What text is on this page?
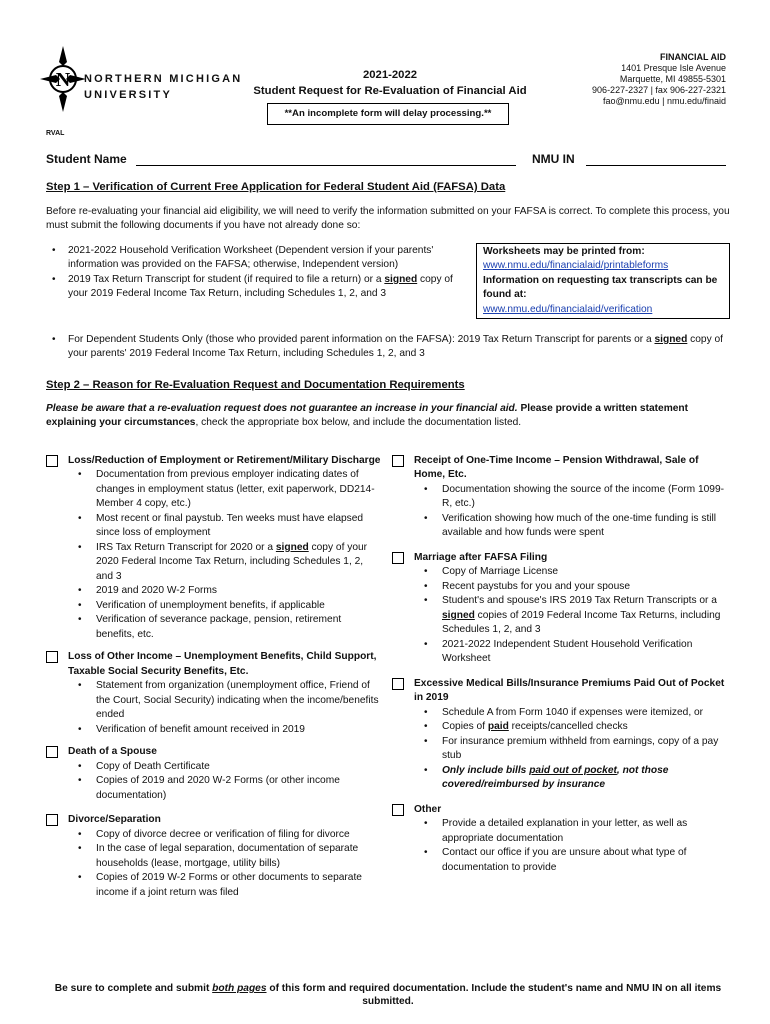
N NORTHERN MICHIGAN
UNIVERSITY
2021-2022
Student Request for Re-Evaluation of Financial Aid
**An incomplete form will delay processing.**
FINANCIAL AID
1401 Presque Isle Avenue
Marquette, MI 49855-5301
906-227-2327 | fax 906-227-2321
fao@nmu.edu | nmu.edu/finaid
RVAL
Student Name	NMU IN
Step 1 – Verification of Current Free Application for Federal Student Aid (FAFSA) Data
Before re-evaluating your financial aid eligibility, we will need to verify the information submitted on your FAFSA is correct. To complete this process, you must submit the following documents if you have not already done so:
• 2021-2022 Household Verification Worksheet (Dependent version if your parents' information was provided on the FAFSA; otherwise, Independent version)
• 2019 Tax Return Transcript for student (if required to file a return) or a signed copy of your 2019 Federal Income Tax Return, including Schedules 1, 2, and 3
• For Dependent Students Only (those who provided parent information on the FAFSA): 2019 Tax Return Transcript for parents or a signed copy of your parents' 2019 Federal Income Tax Return, including Schedules 1, 2, and 3
Worksheets may be printed from:
www.nmu.edu/financialaid/printableforms
Information on requesting tax transcripts can be found at:
www.nmu.edu/financialaid/verification
Step 2 – Reason for Re-Evaluation Request and Documentation Requirements
Please be aware that a re-evaluation request does not guarantee an increase in your financial aid. Please provide a written statement explaining your circumstances, check the appropriate box below, and include the documentation listed.
Loss/Reduction of Employment or Retirement/Military Discharge
• Documentation from previous employer indicating dates of changes in employment status (letter, exit paperwork, DD214-Member 4 copy, etc.)
• Most recent or final paystub. Ten weeks must have elapsed since loss of employment
• IRS Tax Return Transcript for 2020 or a signed copy of your 2020 Federal Income Tax Return, including Schedules 1, 2, and 3
• 2019 and 2020 W-2 Forms
• Verification of unemployment benefits, if applicable
• Verification of severance package, pension, retirement benefits, etc.
Loss of Other Income – Unemployment Benefits, Child Support, Taxable Social Security Benefits, Etc.
• Statement from organization (unemployment office, Friend of the Court, Social Security) indicating when the income/benefits ended
• Verification of benefit amount received in 2019
Death of a Spouse
• Copy of Death Certificate
• Copies of 2019 and 2020 W-2 Forms (or other income documentation)
Divorce/Separation
• Copy of divorce decree or verification of filing for divorce
• In the case of legal separation, documentation of separate households (lease, mortgage, utility bills)
• Copies of 2019 W-2 Forms or other documents to separate income if a joint return was filed
Receipt of One-Time Income – Pension Withdrawal, Sale of Home, Etc.
• Documentation showing the source of the income (Form 1099-R, etc.)
• Verification showing how much of the one-time funding is still available and how funds were spent
Marriage after FAFSA Filing
• Copy of Marriage License
• Recent paystubs for you and your spouse
• Student's and spouse's IRS 2019 Tax Return Transcripts or a signed copies of 2019 Federal Income Tax Returns, including Schedules 1, 2, and 3
• 2021-2022 Independent Student Household Verification Worksheet
Excessive Medical Bills/Insurance Premiums Paid Out of Pocket in 2019
• Schedule A from Form 1040 if expenses were itemized, or
• Copies of paid receipts/cancelled checks
• For insurance premium withheld from earnings, copy of a pay stub
• Only include bills paid out of pocket, not those covered/reimbursed by insurance
Other
• Provide a detailed explanation in your letter, as well as appropriate documentation
• Contact our office if you are unsure about what type of documentation to provide
Be sure to complete and submit both pages of this form and required documentation. Include the student's name and NMU IN on all items submitted.
